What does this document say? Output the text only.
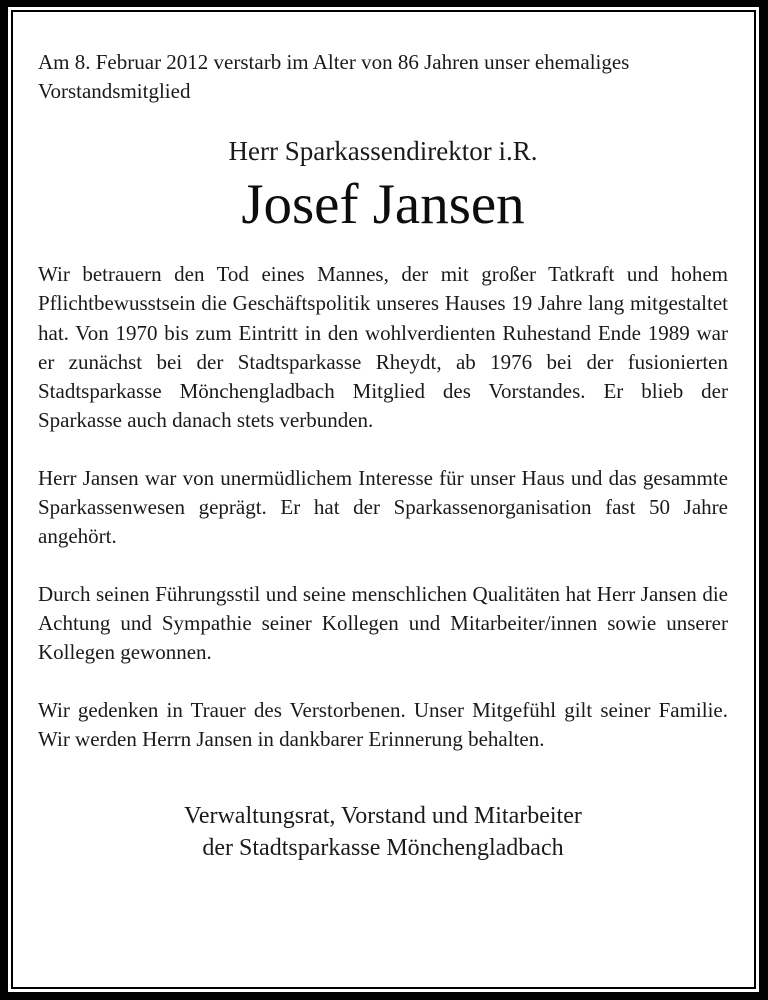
Am 8. Februar 2012 verstarb im Alter von 86 Jahren unser ehemaliges Vorstandsmitglied

Herr Sparkassendirektor i.R.

Josef Jansen

Wir betrauern den Tod eines Mannes, der mit großer Tatkraft und hohem Pflichtbewusstsein die Geschäftspolitik unseres Hauses 19 Jahre lang mitgestaltet hat. Von 1970 bis zum Eintritt in den wohlverdienten Ruhestand Ende 1989 war er zunächst bei der Stadtsparkasse Rheydt, ab 1976 bei der fusionierten Stadtsparkasse Mönchengladbach Mitglied des Vorstandes. Er blieb der Sparkasse auch danach stets verbunden.

Herr Jansen war von unermüdlichem Interesse für unser Haus und das gesammte Sparkassenwesen geprägt. Er hat der Sparkassenorganisation fast 50 Jahre angehört.

Durch seinen Führungsstil und seine menschlichen Qualitäten hat Herr Jansen die Achtung und Sympathie seiner Kollegen und Mitarbeiter/innen sowie unserer Kollegen gewonnen.

Wir gedenken in Trauer des Verstorbenen. Unser Mitgefühl gilt seiner Familie. Wir werden Herrn Jansen in dankbarer Erinnerung behalten.

Verwaltungsrat, Vorstand und Mitarbeiter
der Stadtsparkasse Mönchengladbach
